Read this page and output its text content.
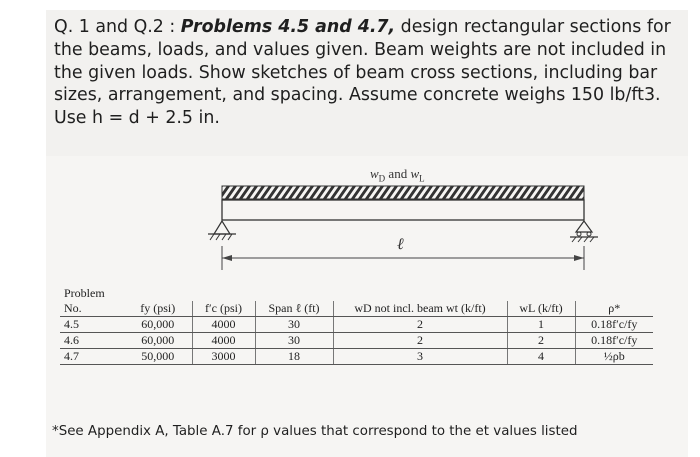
Q. 1 and Q.2 : Problems 4.5 and 4.7, design rectangular sections for the beams, loads, and values given. Beam weights are not included in the given loads. Show sketches of beam cross sections, including bar sizes, arrangement, and spacing. Assume concrete weighs 150 lb/ft3. Use h = d + 2.5 in.
$w_D$ and $w_L$
ℓ
Problem						
No.	fy (psi)	f′c (psi)	Span ℓ (ft)	wD not incl. beam wt (k/ft)	wL (k/ft)	ρ*
4.5	60,000	4000	30	2	1	0.18f′c/fy
4.6	60,000	4000	30	2	2	0.18f′c/fy
4.7	50,000	3000	18	3	4	½ρb
*See Appendix A, Table A.7 for ρ values that correspond to the et values listed
